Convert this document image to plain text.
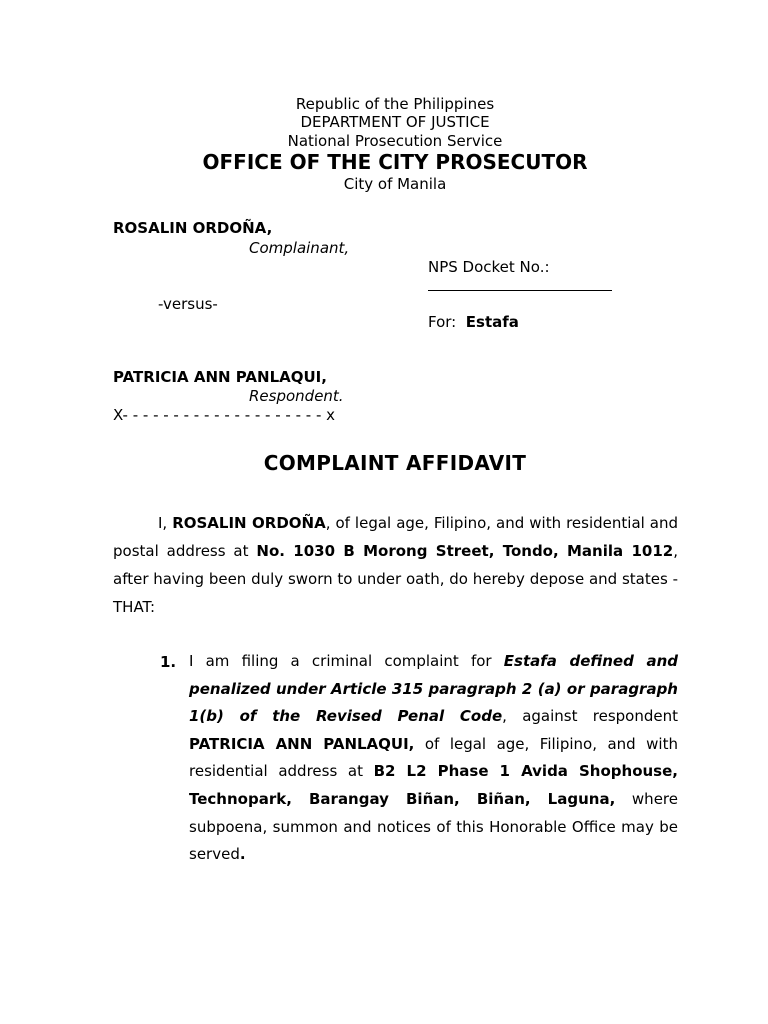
Republic of the Philippines
DEPARTMENT OF JUSTICE
National Prosecution Service
OFFICE OF THE CITY PROSECUTOR
City of Manila
ROSALIN ORDOÑA,
Complainant,
NPS Docket No.:
-versus-
For: Estafa
PATRICIA ANN PANLAQUI,
Respondent.
X- - - - - - - - - - - - - - - - - - - - x
COMPLAINT AFFIDAVIT

I, ROSALIN ORDOÑA, of legal age, Filipino, and with residential and postal address at No. 1030 B Morong Street, Tondo, Manila 1012, after having been duly sworn to under oath, do hereby depose and states - THAT:

1. I am filing a criminal complaint for Estafa defined and penalized under Article 315 paragraph 2 (a) or paragraph 1(b) of the Revised Penal Code, against respondent PATRICIA ANN PANLAQUI, of legal age, Filipino, and with residential address at B2 L2 Phase 1 Avida Shophouse, Technopark, Barangay Biñan, Biñan, Laguna, where subpoena, summon and notices of this Honorable Office may be served.
